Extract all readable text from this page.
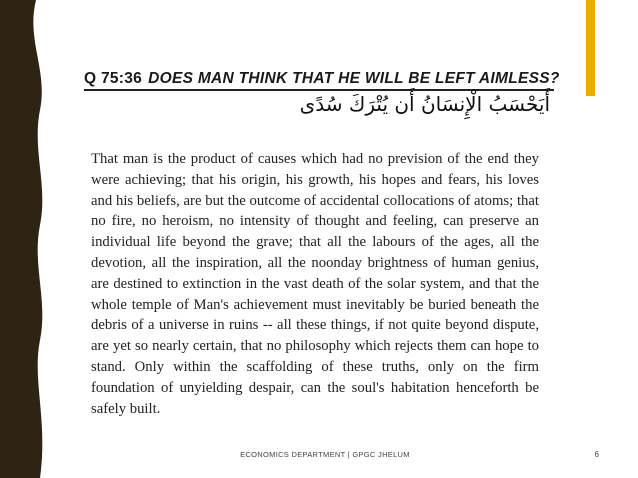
Q 75:36 DOES MAN THINK THAT HE WILL BE LEFT AIMLESS?
أَيَحْسَبُ الْإِنسَانُ أَن يُتْرَكَ سُدًى

That man is the product of causes which had no prevision of the end they were achieving; that his origin, his growth, his hopes and fears, his loves and his beliefs, are but the outcome of accidental collocations of atoms; that no fire, no heroism, no intensity of thought and feeling, can preserve an individual life beyond the grave; that all the labours of the ages, all the devotion, all the inspiration, all the noonday brightness of human genius, are destined to extinction in the vast death of the solar system, and that the whole temple of Man's achievement must inevitably be buried beneath the debris of a universe in ruins -- all these things, if not quite beyond dispute, are yet so nearly certain, that no philosophy which rejects them can hope to stand. Only within the scaffolding of these truths, only on the firm foundation of unyielding despair, can the soul's habitation henceforth be safely built.

ECONOMICS DEPARTMENT | GPGC JHELUM	6
